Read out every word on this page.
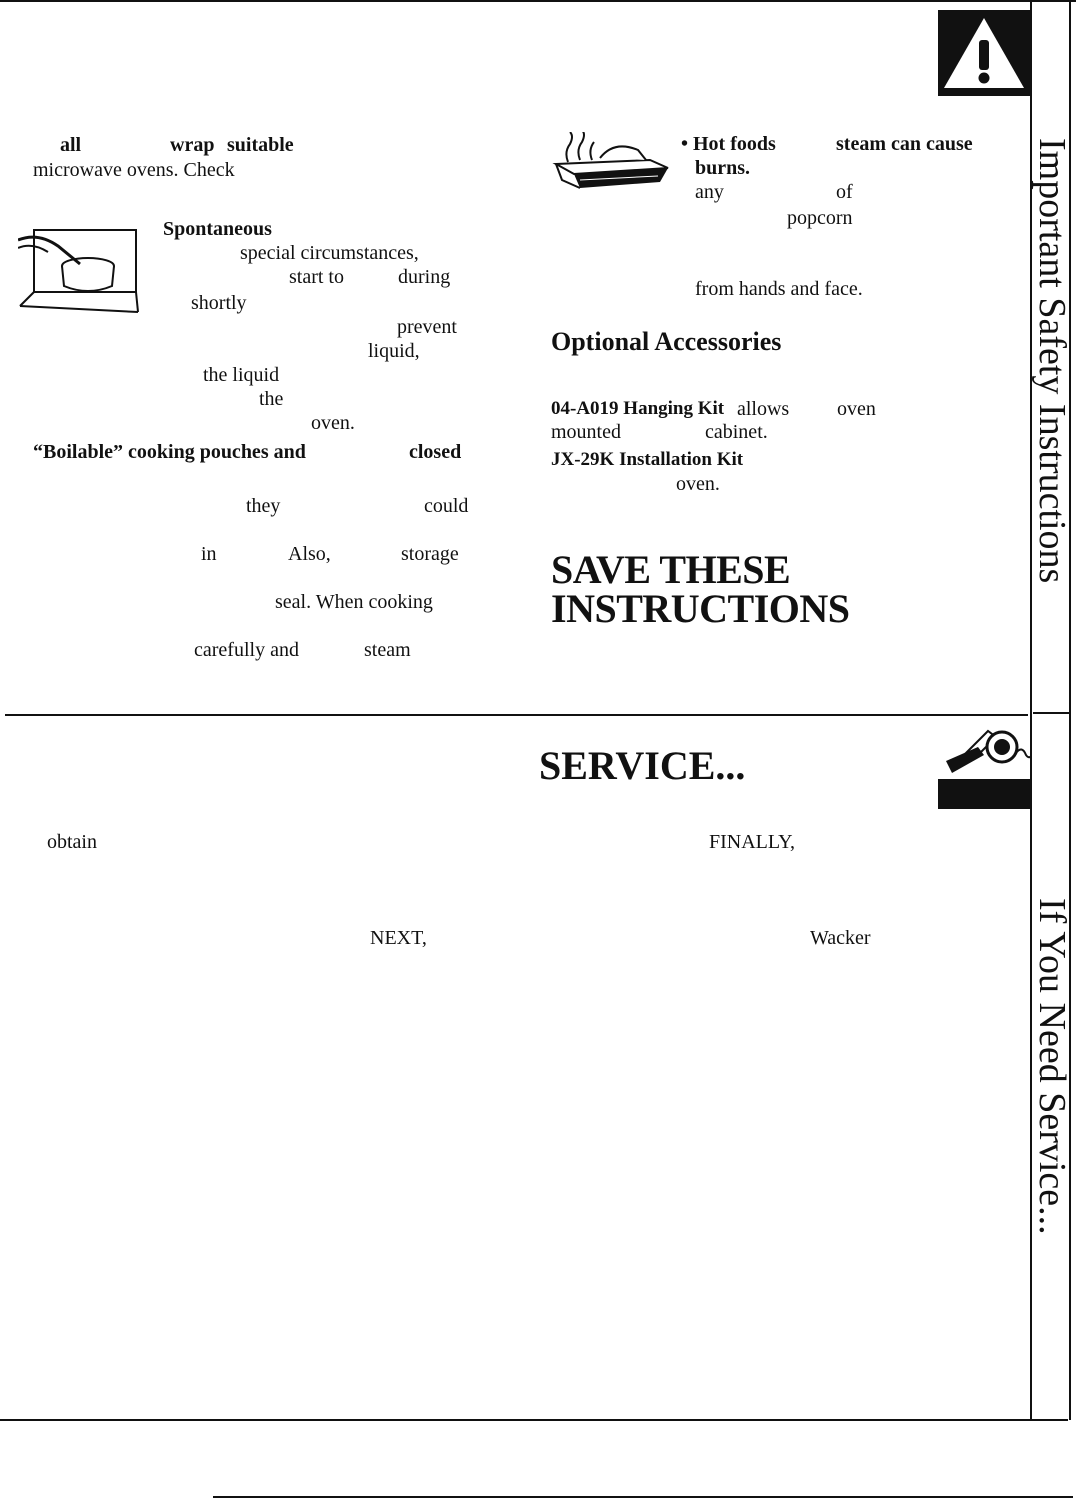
Important Safety Instructions
If You Need Service...
all	wrap suitable
microwave ovens. Check
Spontaneous
special circumstances,
start to	during
shortly
prevent
liquid,
the liquid
the
oven.
“Boilable” cooking pouches and	closed
they	could
in	Also,	storage
seal. When cooking
carefully and	steam
• Hot foods	steam can cause
burns.
any	of
popcorn
from hands and face.
Optional Accessories
04-A019 Hanging Kit allows oven
mounted	cabinet.
JX-29K Installation Kit
oven.
SAVE THESE
INSTRUCTIONS
SERVICE...
obtain	FINALLY,
NEXT,	Wacker
